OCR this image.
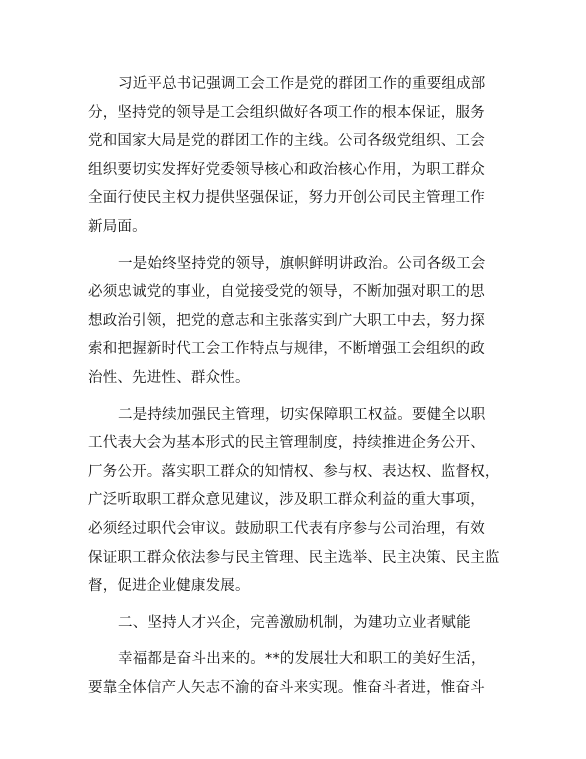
习近平总书记强调工会工作是党的群团工作的重要组成部
分，坚持党的领导是工会组织做好各项工作的根本保证，服务
党和国家大局是党的群团工作的主线。公司各级党组织、工会
组织要切实发挥好党委领导核心和政治核心作用，为职工群众
全面行使民主权力提供坚强保证，努力开创公司民主管理工作
新局面。
一是始终坚持党的领导，旗帜鲜明讲政治。公司各级工会
必须忠诚党的事业，自觉接受党的领导，不断加强对职工的思
想政治引领，把党的意志和主张落实到广大职工中去，努力探
索和把握新时代工会工作特点与规律，不断增强工会组织的政
治性、先进性、群众性。
二是持续加强民主管理，切实保障职工权益。要健全以职
工代表大会为基本形式的民主管理制度，持续推进企务公开、
厂务公开。落实职工群众的知情权、参与权、表达权、监督权，
广泛听取职工群众意见建议，涉及职工群众利益的重大事项，
必须经过职代会审议。鼓励职工代表有序参与公司治理，有效
保证职工群众依法参与民主管理、民主选举、民主决策、民主监
督，促进企业健康发展。
二、坚持人才兴企，完善激励机制，为建功立业者赋能
幸福都是奋斗出来的。**的发展壮大和职工的美好生活，
要靠全体信产人矢志不渝的奋斗来实现。惟奋斗者进，惟奋斗
